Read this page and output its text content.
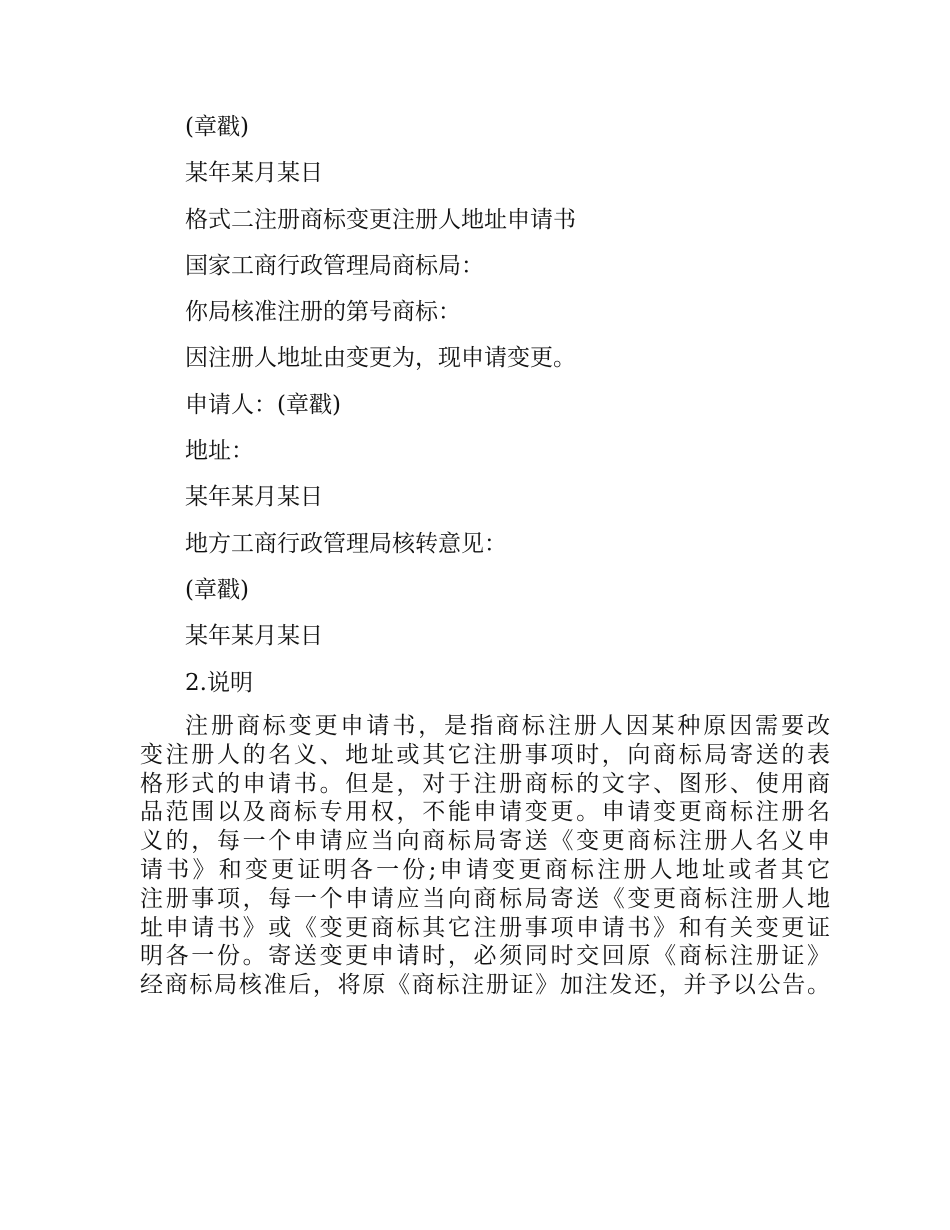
(章戳)
某年某月某日
格式二注册商标变更注册人地址申请书
国家工商行政管理局商标局：
你局核准注册的第号商标：
因注册人地址由变更为，现申请变更。
申请人：(章戳)
地址：
某年某月某日
地方工商行政管理局核转意见：
(章戳)
某年某月某日
2.说明
注册商标变更申请书，是指商标注册人因某种原因需要改
变注册人的名义、地址或其它注册事项时，向商标局寄送的表
格形式的申请书。但是，对于注册商标的文字、图形、使用商
品范围以及商标专用权，不能申请变更。申请变更商标注册名
义的，每一个申请应当向商标局寄送《变更商标注册人名义申
请书》和变更证明各一份;申请变更商标注册人地址或者其它
注册事项，每一个申请应当向商标局寄送《变更商标注册人地
址申请书》或《变更商标其它注册事项申请书》和有关变更证
明各一份。寄送变更申请时，必须同时交回原《商标注册证》
经商标局核准后，将原《商标注册证》加注发还，并予以公告。
